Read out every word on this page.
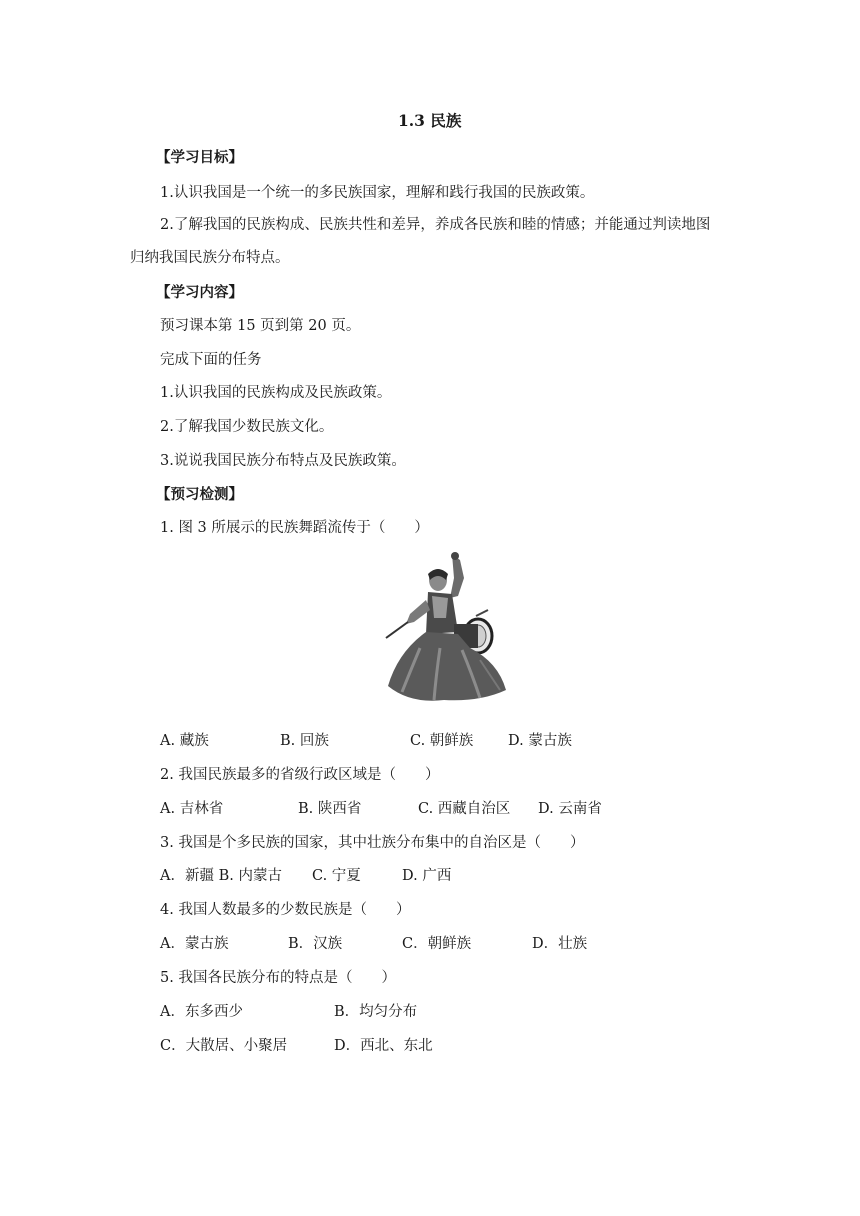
1.3 民族
【学习目标】
1.认识我国是一个统一的多民族国家，理解和践行我国的民族政策。
2.了解我国的民族构成、民族共性和差异，养成各民族和睦的情感；并能通过判读地图
归纳我国民族分布特点。
【学习内容】
预习课本第 15 页到第 20 页。
完成下面的任务
1.认识我国的民族构成及民族政策。
2.了解我国少数民族文化。
3.说说我国民族分布特点及民族政策。
【预习检测】
1. 图 3 所展示的民族舞蹈流传于（　　）
A. 藏族	B. 回族	C. 朝鲜族 D. 蒙古族
2. 我国民族最多的省级行政区域是（　　）
A. 吉林省	B. 陕西省	C. 西藏自治区 D. 云南省
3. 我国是个多民族的国家，其中壮族分布集中的自治区是（　　）
A．新疆 B. 内蒙古 C. 宁夏	D. 广西
4. 我国人数最多的少数民族是（　　）
A．蒙古族	B．汉族	C．朝鲜族	D．壮族
5. 我国各民族分布的特点是（　　）
A．东多西少	B．均匀分布
C．大散居、小聚居	D．西北、东北
